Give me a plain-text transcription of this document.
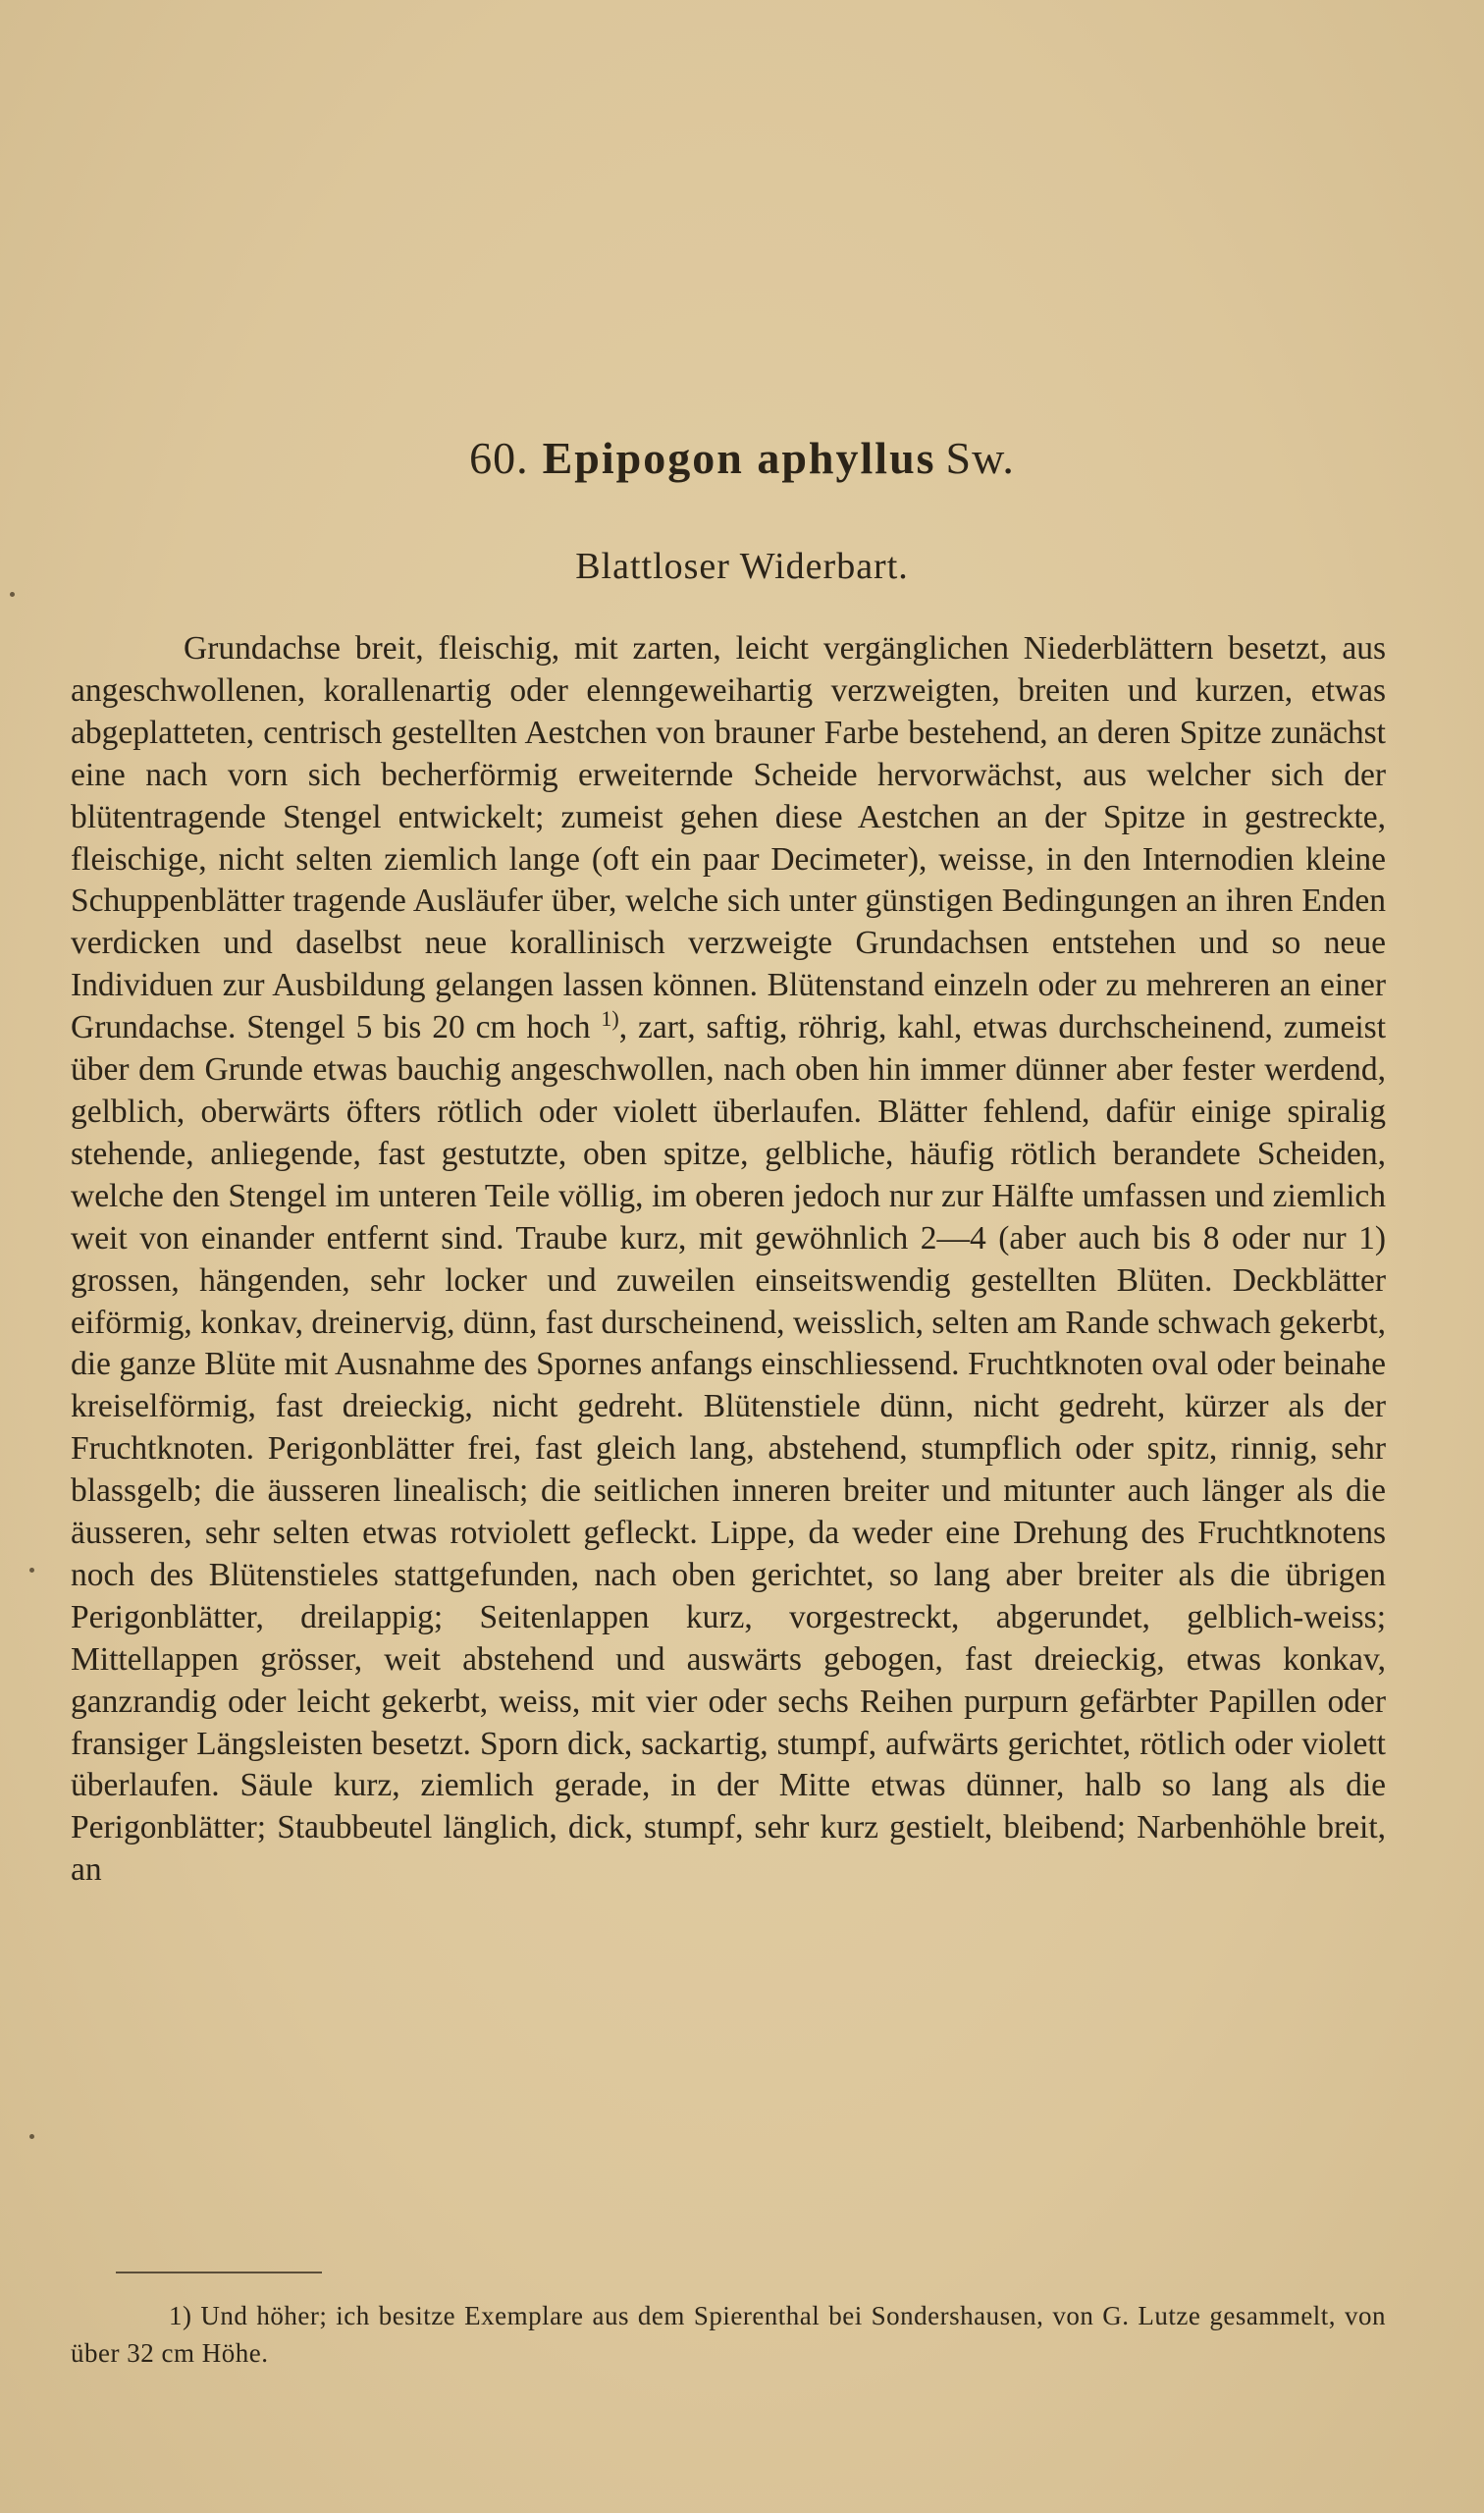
60. Epipogon aphyllus Sw.
Blattloser Widerbart.

Grundachse breit, fleischig, mit zarten, leicht vergänglichen Niederblättern besetzt, aus angeschwollenen, korallenartig oder elenngeweihartig verzweigten, breiten und kurzen, etwas abgeplatteten, centrisch gestellten Aestchen von brauner Farbe bestehend, an deren Spitze zunächst eine nach vorn sich becherförmig erweiternde Scheide hervorwächst, aus welcher sich der blütentragende Stengel entwickelt; zumeist gehen diese Aestchen an der Spitze in gestreckte, fleischige, nicht selten ziemlich lange (oft ein paar Decimeter), weisse, in den Internodien kleine Schuppenblätter tragende Ausläufer über, welche sich unter günstigen Bedingungen an ihren Enden verdicken und daselbst neue korallinisch verzweigte Grundachsen entstehen und so neue Individuen zur Ausbildung gelangen lassen können. Blütenstand einzeln oder zu mehreren an einer Grundachse. Stengel 5 bis 20 cm hoch $^{1)}$, zart, saftig, röhrig, kahl, etwas durchscheinend, zumeist über dem Grunde etwas bauchig angeschwollen, nach oben hin immer dünner aber fester werdend, gelblich, oberwärts öfters rötlich oder violett überlaufen. Blätter fehlend, dafür einige spiralig stehende, anliegende, fast gestutzte, oben spitze, gelbliche, häufig rötlich berandete Scheiden, welche den Stengel im unteren Teile völlig, im oberen jedoch nur zur Hälfte umfassen und ziemlich weit von einander entfernt sind. Traube kurz, mit gewöhnlich 2—4 (aber auch bis 8 oder nur 1) grossen, hängenden, sehr locker und zuweilen einseitswendig gestellten Blüten. Deckblätter eiförmig, konkav, dreinervig, dünn, fast durscheinend, weisslich, selten am Rande schwach gekerbt, die ganze Blüte mit Ausnahme des Spornes anfangs einschliessend. Fruchtknoten oval oder beinahe kreiselförmig, fast dreieckig, nicht gedreht. Blütenstiele dünn, nicht gedreht, kürzer als der Fruchtknoten. Perigonblätter frei, fast gleich lang, abstehend, stumpflich oder spitz, rinnig, sehr blassgelb; die äusseren linealisch; die seitlichen inneren breiter und mitunter auch länger als die äusseren, sehr selten etwas rotviolett gefleckt. Lippe, da weder eine Drehung des Fruchtknotens noch des Blütenstieles stattgefunden, nach oben gerichtet, so lang aber breiter als die übrigen Perigonblätter, dreilappig; Seitenlappen kurz, vorgestreckt, abgerundet, gelblich-weiss; Mittellappen grösser, weit abstehend und auswärts gebogen, fast dreieckig, etwas konkav, ganzrandig oder leicht gekerbt, weiss, mit vier oder sechs Reihen purpurn gefärbter Papillen oder fransiger Längsleisten besetzt. Sporn dick, sackartig, stumpf, aufwärts gerichtet, rötlich oder violett überlaufen. Säule kurz, ziemlich gerade, in der Mitte etwas dünner, halb so lang als die Perigonblätter; Staubbeutel länglich, dick, stumpf, sehr kurz gestielt, bleibend; Narbenhöhle breit, an

1) Und höher; ich besitze Exemplare aus dem Spierenthal bei Sondershausen, von G. Lutze gesammelt, von über 32 cm Höhe.
